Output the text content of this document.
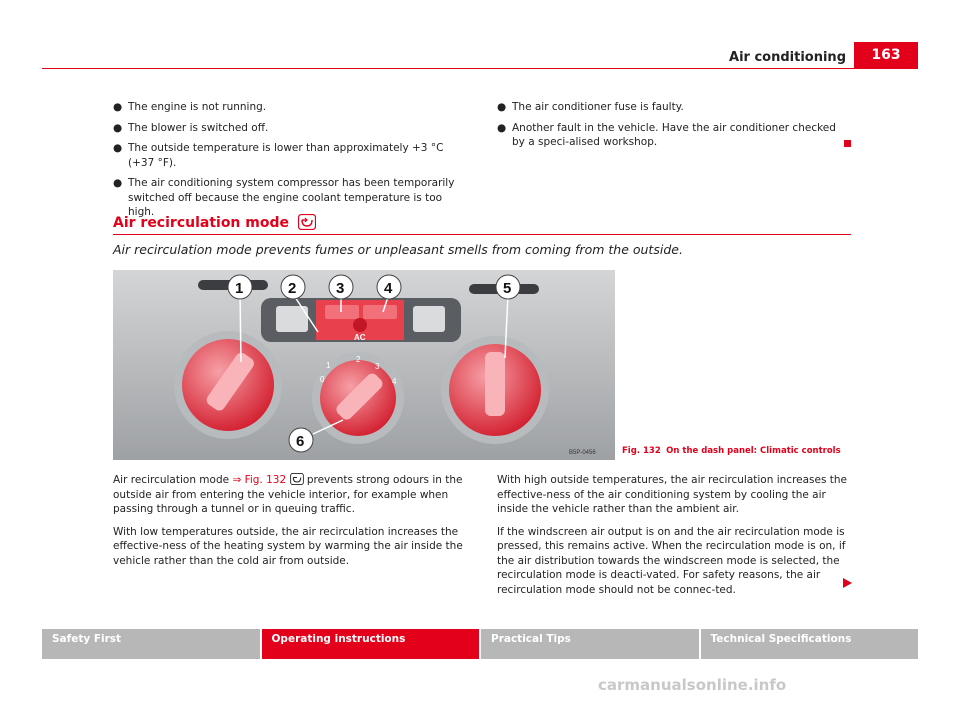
Air conditioning	163
● The engine is not running.
● The blower is switched off.
● The outside temperature is lower than approximately +3 °C (+37 °F).
● The air conditioning system compressor has been temporarily switched off because the engine coolant temperature is too high.
● The air conditioner fuse is faulty.
● Another fault in the vehicle. Have the air conditioner checked by a speci-alised workshop.
Air recirculation mode
Air recirculation mode prevents fumes or unpleasant smells from coming from the outside.
AC
0
1
2
3
4
1	2	3	4	5
6
B5P-0456	Fig. 132 On the dash panel: Climatic controls

Air recirculation mode ⇒ Fig. 132  prevents strong odours in the outside air from entering the vehicle interior, for example when passing through a tunnel or in queuing traffic.

With low temperatures outside, the air recirculation increases the effective-ness of the heating system by warming the air inside the vehicle rather than the cold air from outside.

With high outside temperatures, the air recirculation increases the effective-ness of the air conditioning system by cooling the air inside the vehicle rather than the ambient air.

If the windscreen air output is on and the air recirculation mode is pressed, this remains active. When the recirculation mode is on, if the air distribution towards the windscreen mode is selected, the recirculation mode is deacti-vated. For safety reasons, the air recirculation mode should not be connec-ted.

Safety First	Operating instructions	Practical Tips	Technical Specifications
carmanualsonline.info
